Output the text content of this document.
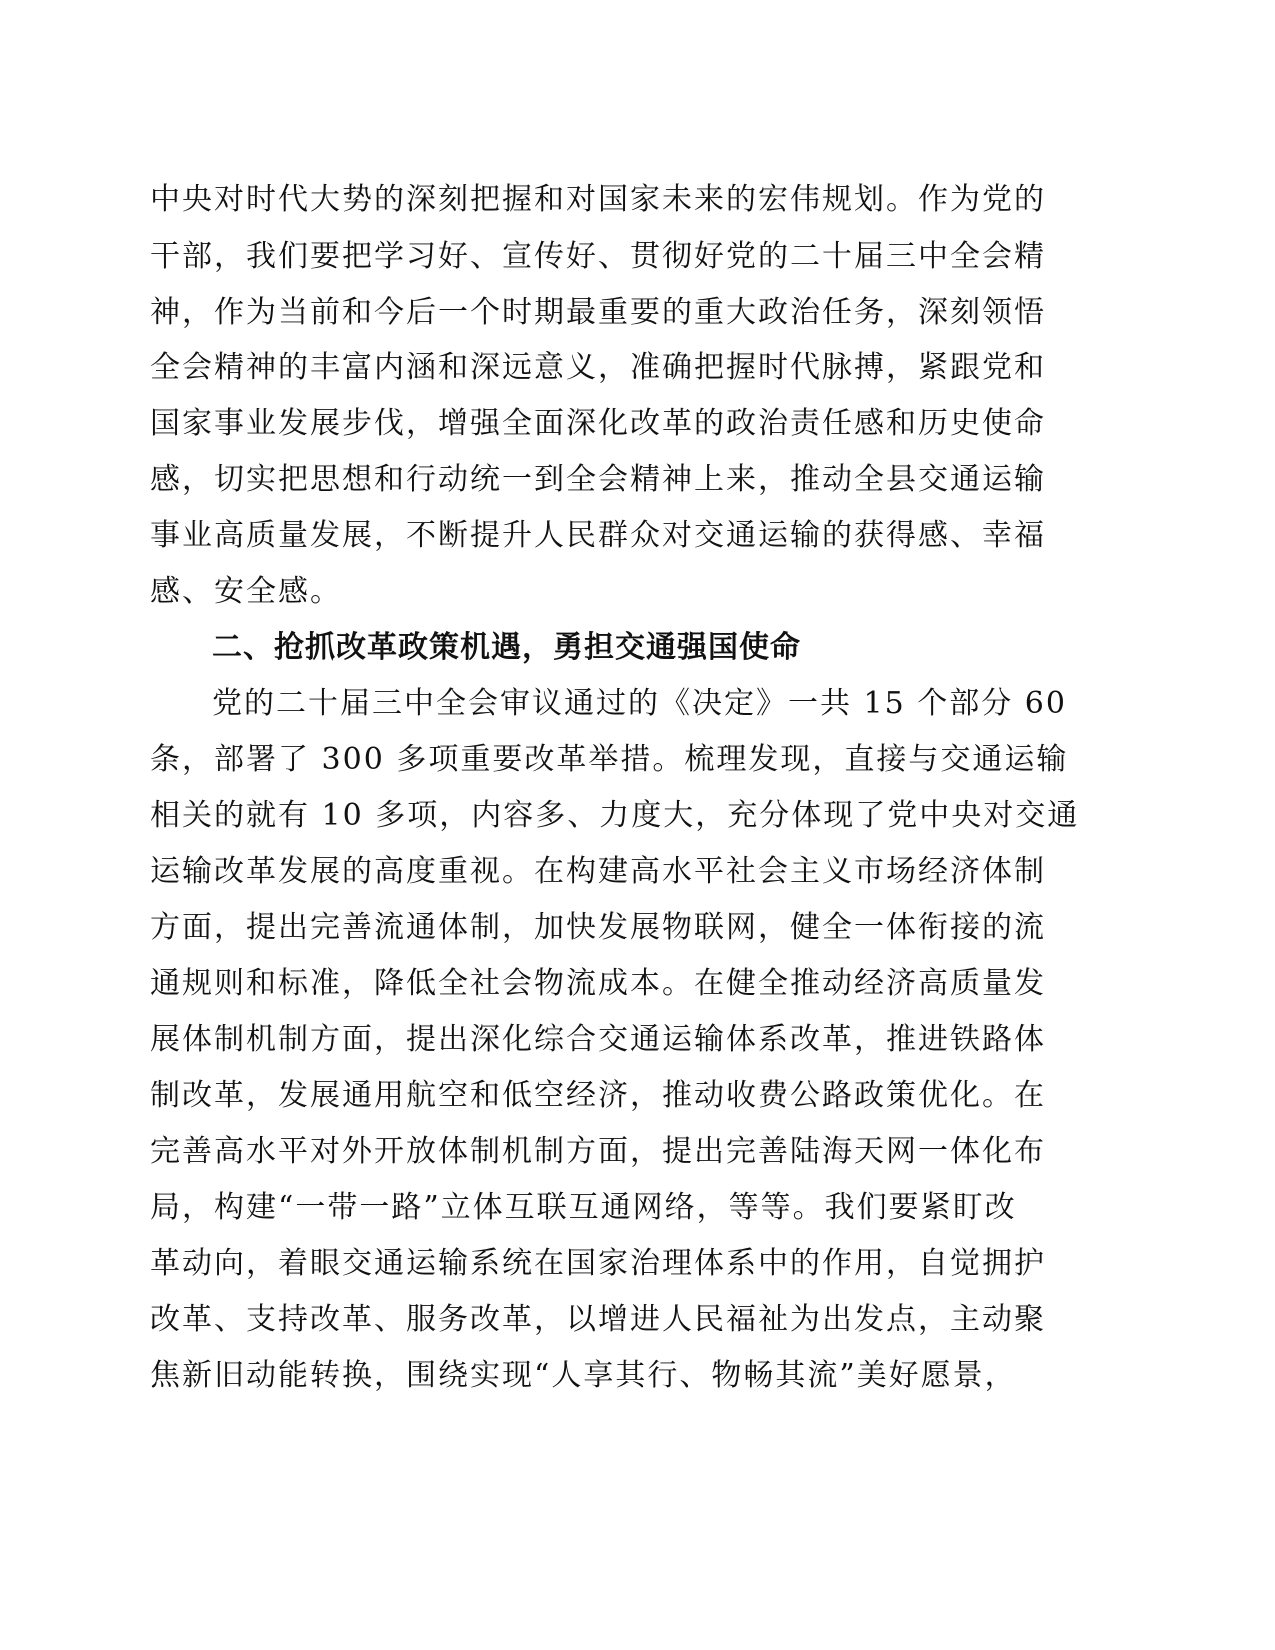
中央对时代大势的深刻把握和对国家未来的宏伟规划。作为党的
干部，我们要把学习好、宣传好、贯彻好党的二十届三中全会精
神，作为当前和今后一个时期最重要的重大政治任务，深刻领悟
全会精神的丰富内涵和深远意义，准确把握时代脉搏，紧跟党和
国家事业发展步伐，增强全面深化改革的政治责任感和历史使命
感，切实把思想和行动统一到全会精神上来，推动全县交通运输
事业高质量发展，不断提升人民群众对交通运输的获得感、幸福
感、安全感。
二、抢抓改革政策机遇，勇担交通强国使命
党的二十届三中全会审议通过的《决定》一共 15 个部分 60
条，部署了 300 多项重要改革举措。梳理发现，直接与交通运输
相关的就有 10 多项，内容多、力度大，充分体现了党中央对交通
运输改革发展的高度重视。在构建高水平社会主义市场经济体制
方面，提出完善流通体制，加快发展物联网，健全一体衔接的流
通规则和标准，降低全社会物流成本。在健全推动经济高质量发
展体制机制方面，提出深化综合交通运输体系改革，推进铁路体
制改革，发展通用航空和低空经济，推动收费公路政策优化。在
完善高水平对外开放体制机制方面，提出完善陆海天网一体化布
局，构建“一带一路”立体互联互通网络，等等。我们要紧盯改
革动向，着眼交通运输系统在国家治理体系中的作用，自觉拥护
改革、支持改革、服务改革，以增进人民福祉为出发点，主动聚
焦新旧动能转换，围绕实现“人享其行、物畅其流”美好愿景，
